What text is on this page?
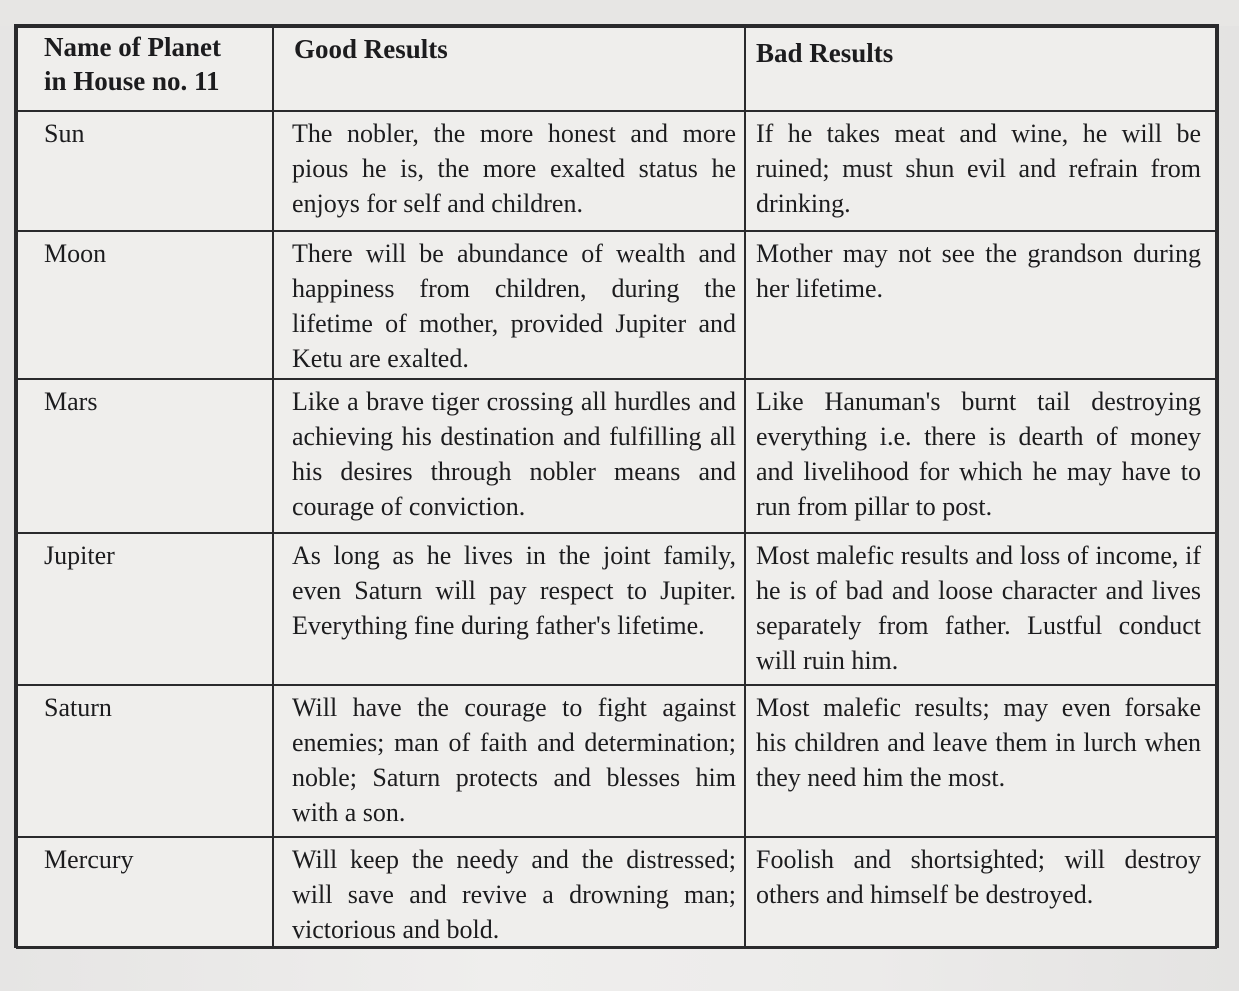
Name of Planet
in House no. 11	Good Results	Bad Results
Sun	The nobler, the more honest and more pious he is, the more exalted status he enjoys for self and children.	If he takes meat and wine, he will be ruined; must shun evil and refrain from drinking.
Moon	There will be abundance of wealth and happiness from children, during the lifetime of mother, provided Jupiter and Ketu are exalted.	Mother may not see the grandson during her lifetime.
Mars	Like a brave tiger crossing all hurdles and achieving his destination and fulfilling all his desires through nobler means and courage of conviction.	Like Hanuman's burnt tail destroying everything i.e. there is dearth of money and livelihood for which he may have to run from pillar to post.
Jupiter	As long as he lives in the joint family, even Saturn will pay respect to Jupiter. Everything fine during father's lifetime.	Most malefic results and loss of income, if he is of bad and loose character and lives separately from father. Lustful conduct will ruin him.
Saturn	Will have the courage to fight against enemies; man of faith and determination; noble; Saturn protects and blesses him with a son.	Most malefic results; may even forsake his children and leave them in lurch when they need him the most.
Mercury	Will keep the needy and the distressed; will save and revive a drowning man; victorious and bold.	Foolish and shortsighted; will destroy others and himself be destroyed.
